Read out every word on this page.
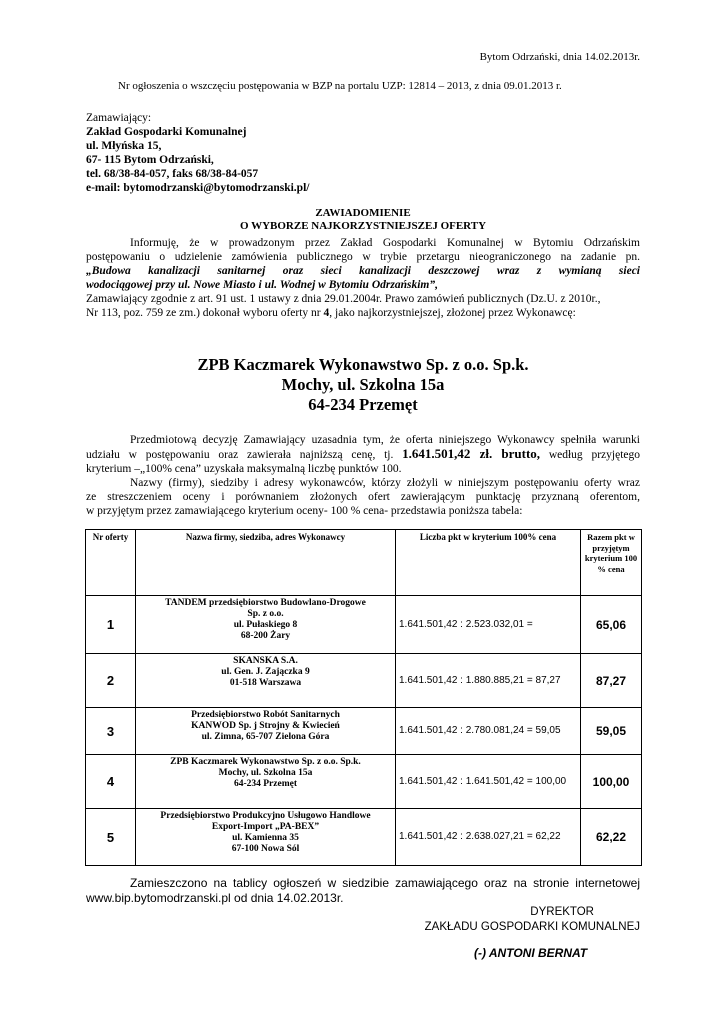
Bytom Odrzański, dnia 14.02.2013r.
Nr ogłoszenia o wszczęciu postępowania w BZP na portalu UZP: 12814 – 2013, z dnia 09.01.2013 r.
Zamawiający:
Zakład Gospodarki Komunalnej
ul. Młyńska 15,
67- 115 Bytom Odrzański,
tel. 68/38-84-057, faks 68/38-84-057
e-mail: bytomodrzanski@bytomodrzanski.pl/
ZAWIADOMIENIE
O WYBORZE NAJKORZYSTNIEJSZEJ OFERTY
Informuję, że w prowadzonym przez Zakład Gospodarki Komunalnej w Bytomiu Odrzańskim
postępowaniu o udzielenie zamówienia publicznego w trybie przetargu nieograniczonego na zadanie pn.
„Budowa kanalizacji sanitarnej oraz sieci kanalizacji deszczowej wraz z wymianą sieci
wodociągowej przy ul. Nowe Miasto i ul. Wodnej w Bytomiu Odrzańskim”,
Zamawiający zgodnie z art. 91 ust. 1 ustawy z dnia 29.01.2004r. Prawo zamówień publicznych (Dz.U. z 2010r.,
Nr 113, poz. 759 ze zm.) dokonał wyboru oferty nr 4, jako najkorzystniejszej, złożonej przez Wykonawcę:
ZPB Kaczmarek Wykonawstwo Sp. z o.o. Sp.k.
Mochy, ul. Szkolna 15a
64-234 Przemęt
Przedmiotową decyzję Zamawiający uzasadnia tym, że oferta niniejszego Wykonawcy spełniła warunki
udziału w postępowaniu oraz zawierała najniższą cenę, tj. 1.641.501,42 zł. brutto, według przyjętego
kryterium –„100% cena” uzyskała maksymalną liczbę punktów 100.
Nazwy (firmy), siedziby i adresy wykonawców, którzy złożyli w niniejszym postępowaniu oferty wraz
ze streszczeniem oceny i porównaniem złożonych ofert zawierającym punktację przyznaną oferentom,
w przyjętym przez zamawiającego kryterium oceny- 100 % cena- przedstawia poniższa tabela:
Nr oferty	Nazwa firmy, siedziba, adres Wykonawcy	Liczba pkt w kryterium 100% cena	Razem pkt w przyjętym kryterium 100 % cena
1	TANDEM przedsiębiorstwo Budowlano-Drogowe
Sp. z o.o.
ul. Pułaskiego 8
68-200 Żary	1.641.501,42 : 2.523.032,01 =	65,06
2	SKANSKA S.A.
ul. Gen. J. Zajączka 9
01-518 Warszawa	1.641.501,42 : 1.880.885,21 = 87,27	87,27
3	Przedsiębiorstwo Robót Sanitarnych
KANWOD Sp. j Strojny & Kwiecień
ul. Zimna, 65-707 Zielona Góra	1.641.501,42 : 2.780.081,24 = 59,05	59,05
4	ZPB Kaczmarek Wykonawstwo Sp. z o.o. Sp.k.
Mochy, ul. Szkolna 15a
64-234 Przemęt	1.641.501,42 : 1.641.501,42 = 100,00	100,00
5	Przedsiębiorstwo Produkcyjno Usługowo Handlowe
Export-Import „PA-BEX”
ul. Kamienna 35
67-100 Nowa Sól	1.641.501,42 : 2.638.027,21 = 62,22	62,22
Zamieszczono na tablicy ogłoszeń w siedzibie zamawiającego oraz na stronie internetowej
www.bip.bytomodrzanski.pl od dnia 14.02.2013r.
DYREKTOR
ZAKŁADU GOSPODARKI KOMUNALNEJ
(-) ANTONI BERNAT
